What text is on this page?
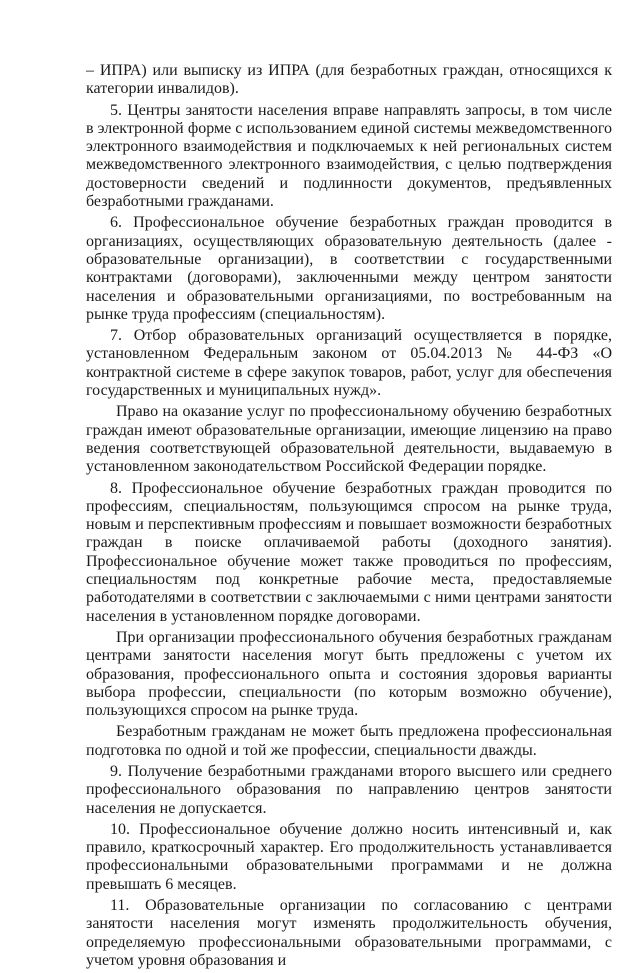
– ИПРА) или выписку из ИПРА (для безработных граждан, относящихся к категории инвалидов).

5. Центры занятости населения вправе направлять запросы, в том числе в электронной форме с использованием единой системы межведомственного электронного взаимодействия и подключаемых к ней региональных систем межведомственного электронного взаимодействия, с целью подтверждения достоверности сведений и подлинности документов, предъявленных безработными гражданами.

6. Профессиональное обучение безработных граждан проводится в организациях, осуществляющих образовательную деятельность (далее - образовательные организации), в соответствии с государственными контрактами (договорами), заключенными между центром занятости населения и образовательными организациями, по востребованным на рынке труда профессиям (специальностям).

7. Отбор образовательных организаций осуществляется в порядке, установленном Федеральным законом от 05.04.2013 № 44-ФЗ «О контрактной системе в сфере закупок товаров, работ, услуг для обеспечения государственных и муниципальных нужд».

Право на оказание услуг по профессиональному обучению безработных граждан имеют образовательные организации, имеющие лицензию на право ведения соответствующей образовательной деятельности, выдаваемую в установленном законодательством Российской Федерации порядке.

8. Профессиональное обучение безработных граждан проводится по профессиям, специальностям, пользующимся спросом на рынке труда, новым и перспективным профессиям и повышает возможности безработных граждан в поиске оплачиваемой работы (доходного занятия). Профессиональное обучение может также проводиться по профессиям, специальностям под конкретные рабочие места, предоставляемые работодателями в соответствии с заключаемыми с ними центрами занятости населения в установленном порядке договорами.

При организации профессионального обучения безработных гражданам центрами занятости населения могут быть предложены с учетом их образования, профессионального опыта и состояния здоровья варианты выбора профессии, специальности (по которым возможно обучение), пользующихся спросом на рынке труда.

Безработным гражданам не может быть предложена профессиональная подготовка по одной и той же профессии, специальности дважды.

9. Получение безработными гражданами второго высшего или среднего профессионального образования по направлению центров занятости населения не допускается.

10. Профессиональное обучение должно носить интенсивный и, как правило, краткосрочный характер. Его продолжительность устанавливается профессиональными образовательными программами и не должна превышать 6 месяцев.

11. Образовательные организации по согласованию с центрами занятости населения могут изменять продолжительность обучения, определяемую профессиональными образовательными программами, с учетом уровня образования и
